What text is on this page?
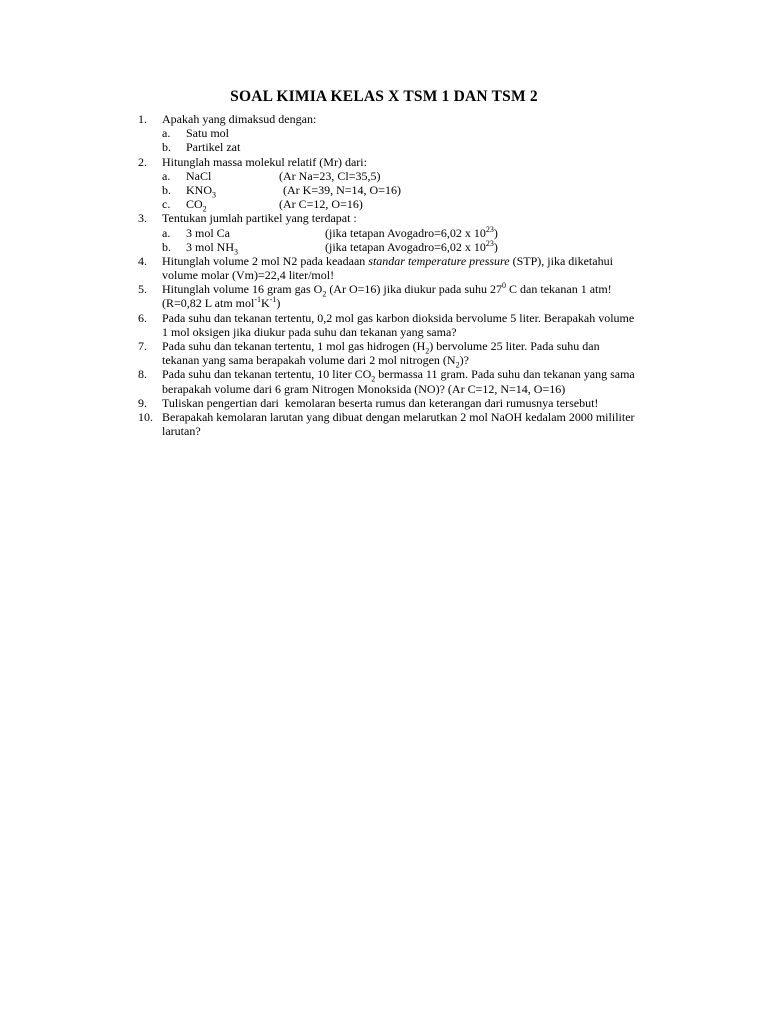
SOAL KIMIA KELAS X TSM 1 DAN TSM 2
1. Apakah yang dimaksud dengan:
a. Satu mol
b. Partikel zat
2. Hitunglah massa molekul relatif (Mr) dari:
a. NaCl	(Ar Na=23, Cl=35,5)
b. $KNO_3$	(Ar K=39, N=14, O=16)
c. $CO_2$	(Ar C=12, O=16)
3. Tentukan jumlah partikel yang terdapat :
a. 3 mol Ca	(jika tetapan Avogadro=6,02 x $10^{23}$)
b. 3 mol $NH_3$	(jika tetapan Avogadro=6,02 x $10^{23}$)
4. Hitunglah volume 2 mol N2 pada keadaan standar temperature pressure (STP), jika diketahui
volume molar (Vm)=22,4 liter/mol!
5. Hitunglah volume 16 gram gas $O_2$ (Ar O=16) jika diukur pada suhu $27^0$ C dan tekanan 1 atm!
(R=0,82 L atm $mol^{-1}K^{-1}$)
6. Pada suhu dan tekanan tertentu, 0,2 mol gas karbon dioksida bervolume 5 liter. Berapakah volume
1 mol oksigen jika diukur pada suhu dan tekanan yang sama?
7. Pada suhu dan tekanan tertentu, 1 mol gas hidrogen $(H_2)$ bervolume 25 liter. Pada suhu dan
tekanan yang sama berapakah volume dari 2 mol nitrogen $(N_2)$?
8. Pada suhu dan tekanan tertentu, 10 liter $CO_2$ bermassa 11 gram. Pada suhu dan tekanan yang sama
berapakah volume dari 6 gram Nitrogen Monoksida (NO)? (Ar C=12, N=14, O=16)
9. Tuliskan pengertian dari  kemolaran beserta rumus dan keterangan dari rumusnya tersebut!
10. Berapakah kemolaran larutan yang dibuat dengan melarutkan 2 mol NaOH kedalam 2000 mililiter
larutan?
